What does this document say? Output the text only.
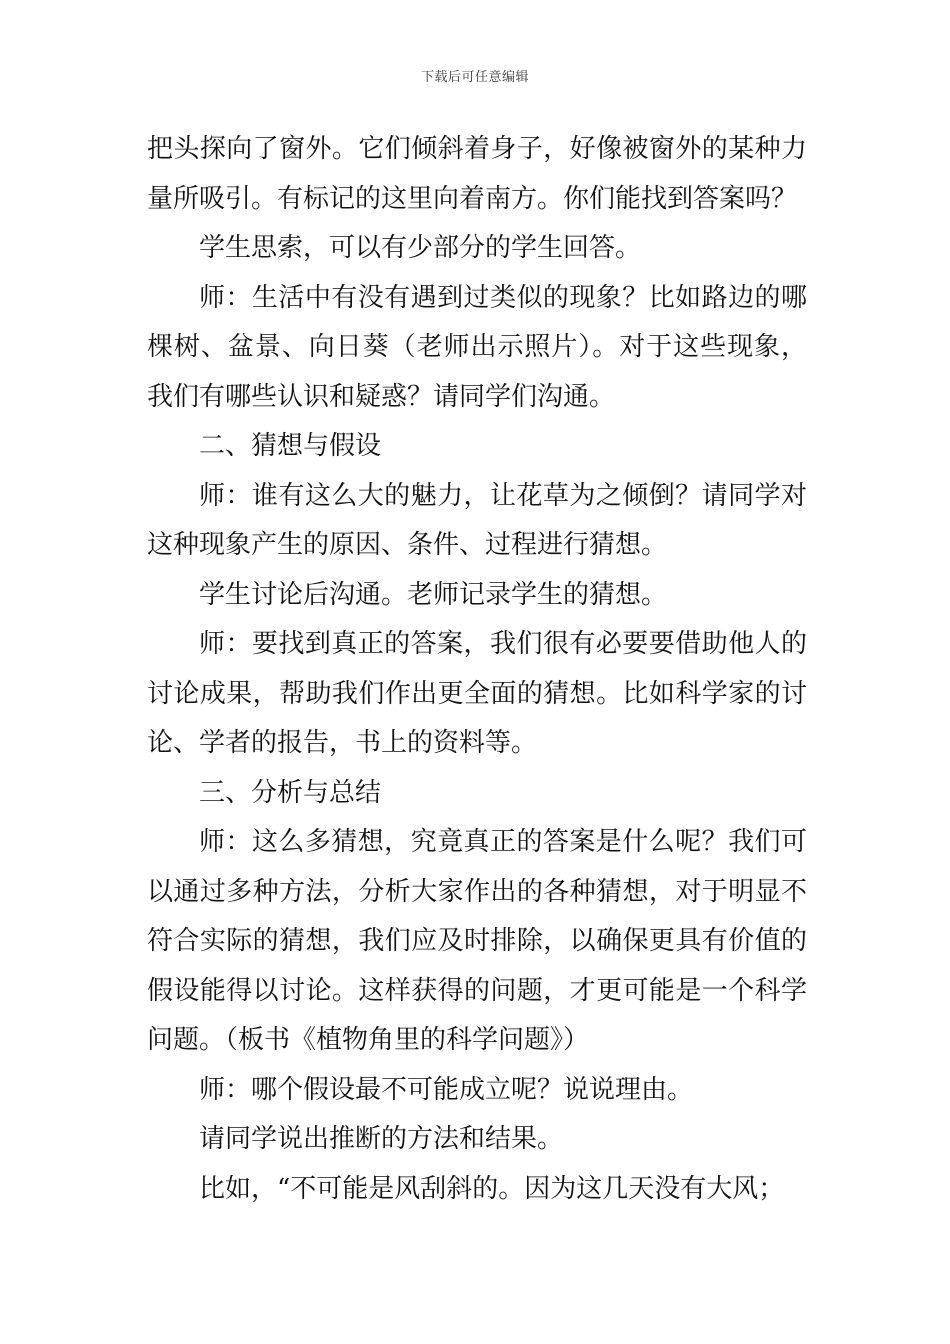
下载后可任意编辑

把头探向了窗外。它们倾斜着身子，好像被窗外的某种力量所吸引。有标记的这里向着南方。你们能找到答案吗？

学生思索，可以有少部分的学生回答。

师：生活中有没有遇到过类似的现象？比如路边的哪棵树、盆景、向日葵（老师出示照片）。对于这些现象，我们有哪些认识和疑惑？请同学们沟通。

二、猜想与假设

师：谁有这么大的魅力，让花草为之倾倒？请同学对这种现象产生的原因、条件、过程进行猜想。

学生讨论后沟通。老师记录学生的猜想。

师：要找到真正的答案，我们很有必要要借助他人的讨论成果，帮助我们作出更全面的猜想。比如科学家的讨论、学者的报告，书上的资料等。

三、分析与总结

师：这么多猜想，究竟真正的答案是什么呢？我们可以通过多种方法，分析大家作出的各种猜想，对于明显不符合实际的猜想，我们应及时排除，以确保更具有价值的假设能得以讨论。这样获得的问题，才更可能是一个科学问题。（板书《植物角里的科学问题》）

师：哪个假设最不可能成立呢？说说理由。

请同学说出推断的方法和结果。

比如，“不可能是风刮斜的。因为这几天没有大风；
